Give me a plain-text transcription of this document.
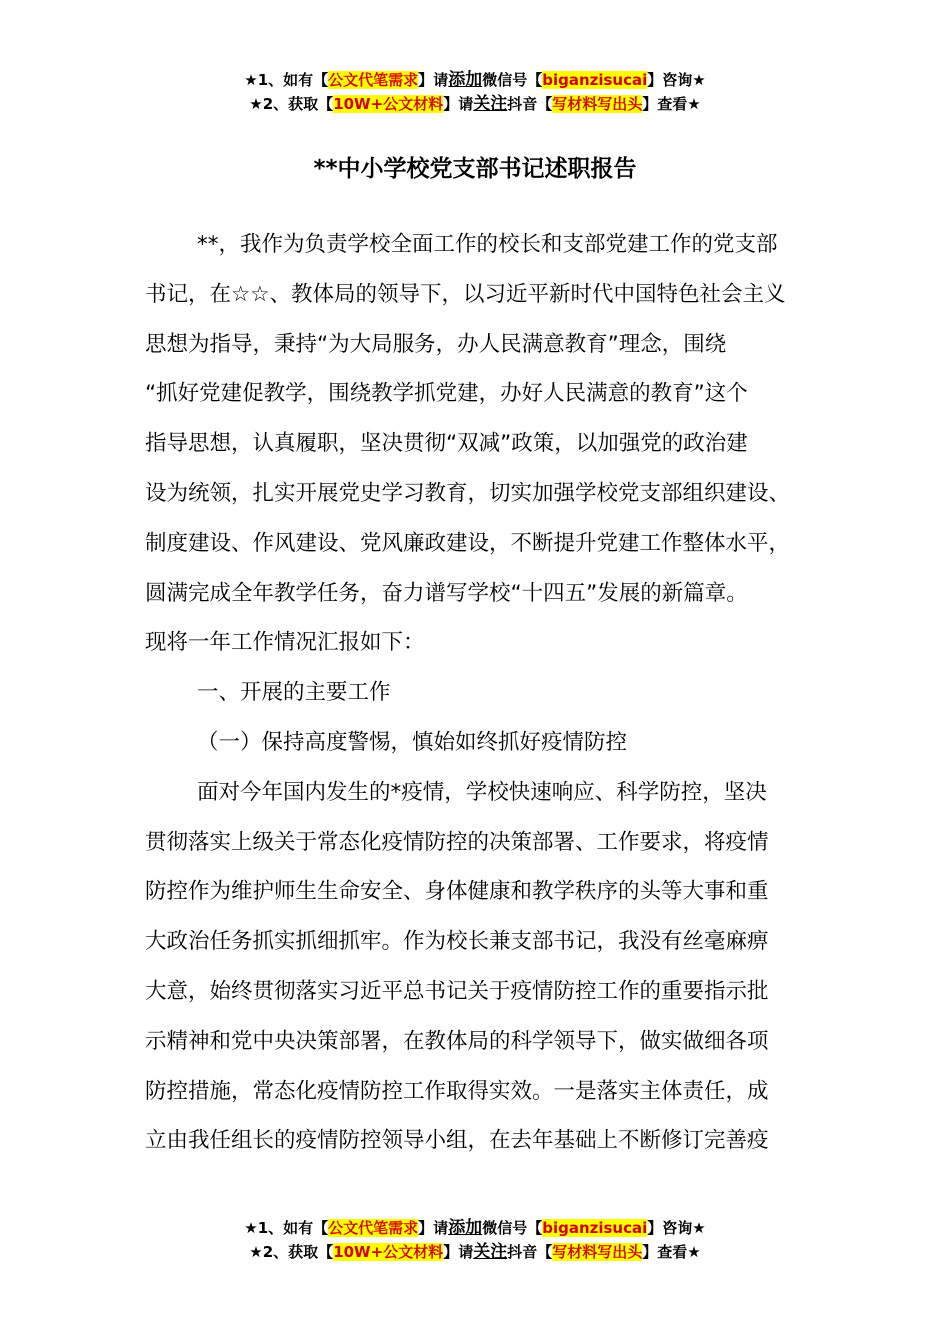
★1、如有【公文代笔需求】请添加微信号【biganzisucai】咨询★
★2、获取【10W+公文材料】请关注抖音【写材料写出头】查看★
**中小学校党支部书记述职报告
**，我作为负责学校全面工作的校长和支部党建工作的党支部
书记，在☆☆、教体局的领导下，以习近平新时代中国特色社会主义
思想为指导，秉持“为大局服务，办人民满意教育”理念，围绕
“抓好党建促教学，围绕教学抓党建，办好人民满意的教育”这个
指导思想，认真履职，坚决贯彻“双减”政策，以加强党的政治建
设为统领，扎实开展党史学习教育，切实加强学校党支部组织建设、
制度建设、作风建设、党风廉政建设，不断提升党建工作整体水平，
圆满完成全年教学任务，奋力谱写学校“十四五”发展的新篇章。
现将一年工作情况汇报如下：
一、开展的主要工作
（一）保持高度警惕，慎始如终抓好疫情防控
面对今年国内发生的*疫情，学校快速响应、科学防控，坚决
贯彻落实上级关于常态化疫情防控的决策部署、工作要求，将疫情
防控作为维护师生生命安全、身体健康和教学秩序的头等大事和重
大政治任务抓实抓细抓牢。作为校长兼支部书记，我没有丝毫麻痹
大意，始终贯彻落实习近平总书记关于疫情防控工作的重要指示批
示精神和党中央决策部署，在教体局的科学领导下，做实做细各项
防控措施，常态化疫情防控工作取得实效。一是落实主体责任，成
立由我任组长的疫情防控领导小组，在去年基础上不断修订完善疫
★1、如有【公文代笔需求】请添加微信号【biganzisucai】咨询★
★2、获取【10W+公文材料】请关注抖音【写材料写出头】查看★
